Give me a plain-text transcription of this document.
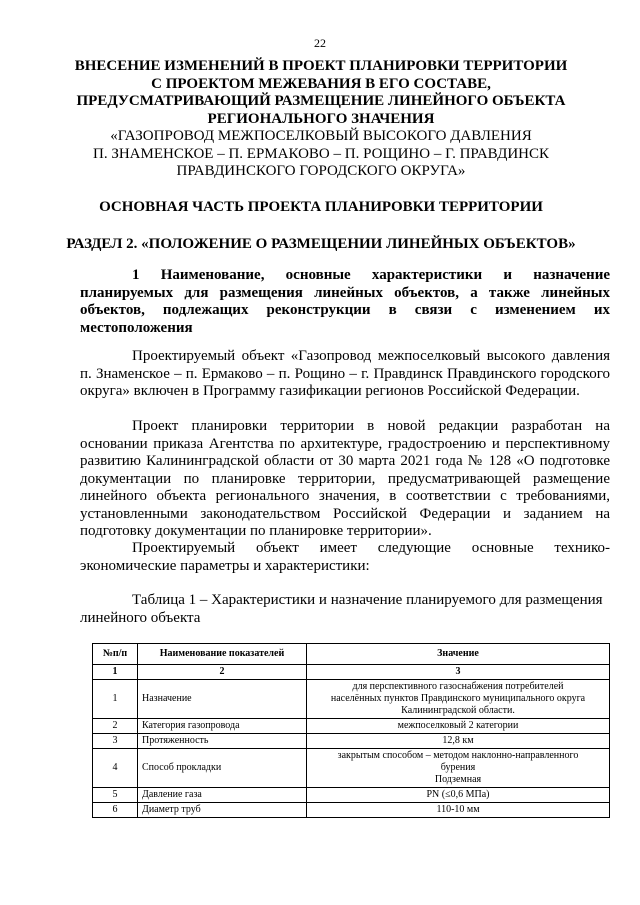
22
ВНЕСЕНИЕ ИЗМЕНЕНИЙ В ПРОЕКТ ПЛАНИРОВКИ ТЕРРИТОРИИ
С ПРОЕКТОМ МЕЖЕВАНИЯ В ЕГО СОСТАВЕ,
ПРЕДУСМАТРИВАЮЩИЙ РАЗМЕЩЕНИЕ ЛИНЕЙНОГО ОБЪЕКТА
РЕГИОНАЛЬНОГО ЗНАЧЕНИЯ
«ГАЗОПРОВОД МЕЖПОСЕЛКОВЫЙ ВЫСОКОГО ДАВЛЕНИЯ
П. ЗНАМЕНСКОЕ – П. ЕРМАКОВО – П. РОЩИНО – Г. ПРАВДИНСК
ПРАВДИНСКОГО ГОРОДСКОГО ОКРУГА»
ОСНОВНАЯ ЧАСТЬ ПРОЕКТА ПЛАНИРОВКИ ТЕРРИТОРИИ
РАЗДЕЛ 2. «ПОЛОЖЕНИЕ О РАЗМЕЩЕНИИ ЛИНЕЙНЫХ ОБЪЕКТОВ»
1 Наименование, основные характеристики и назначение планируемых для размещения линейных объектов, а также линейных объектов, подлежащих реконструкции в связи с изменением их местоположения
Проектируемый объект «Газопровод межпоселковый высокого давления п. Знаменское – п. Ермаково – п. Рощино – г. Правдинск Правдинского городского округа» включен в Программу газификации регионов Российской Федерации.
Проект планировки территории в новой редакции разработан на основании приказа Агентства по архитектуре, градостроению и перспективному развитию Калининградской области от 30 марта 2021 года № 128 «О подготовке документации по планировке территории, предусматривающей размещение линейного объекта регионального значения, в соответствии с требованиями, установленными законодательством Российской Федерации и заданием на подготовку документации по планировке территории».
Проектируемый объект имеет следующие основные технико-экономические параметры и характеристики:
Таблица 1 – Характеристики и назначение планируемого для размещения линейного объекта
№п/п	Наименование показателей	Значение
1	2	3
1	Назначение	для перспективного газоснабжения потребителей
населённых пунктов Правдинского муниципального округа
Калининградской области.

2	Категория газопровода	межпоселковый 2 категории

3	Протяженность	12,8 км

4	Способ прокладки	закрытым способом – методом наклонно-направленного
бурения
Подземная

5	Давление газа	PN (≤0,6 МПа)

6	Диаметр труб	110-10 мм
